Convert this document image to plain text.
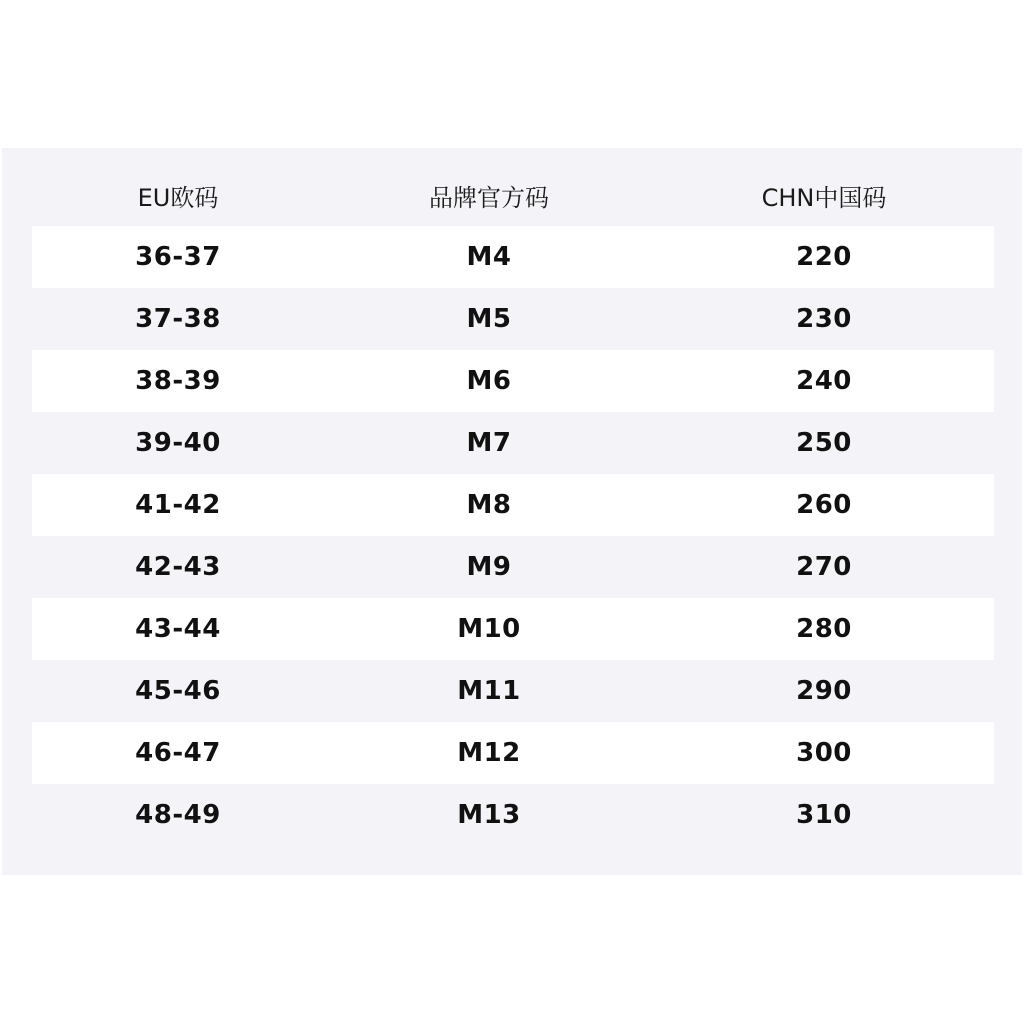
EU欧码	品牌官方码	CHN中国码
36-37	M4	220
37-38	M5	230
38-39	M6	240
39-40	M7	250
41-42	M8	260
42-43	M9	270
43-44	M10	280
45-46	M11	290
46-47	M12	300
48-49	M13	310
